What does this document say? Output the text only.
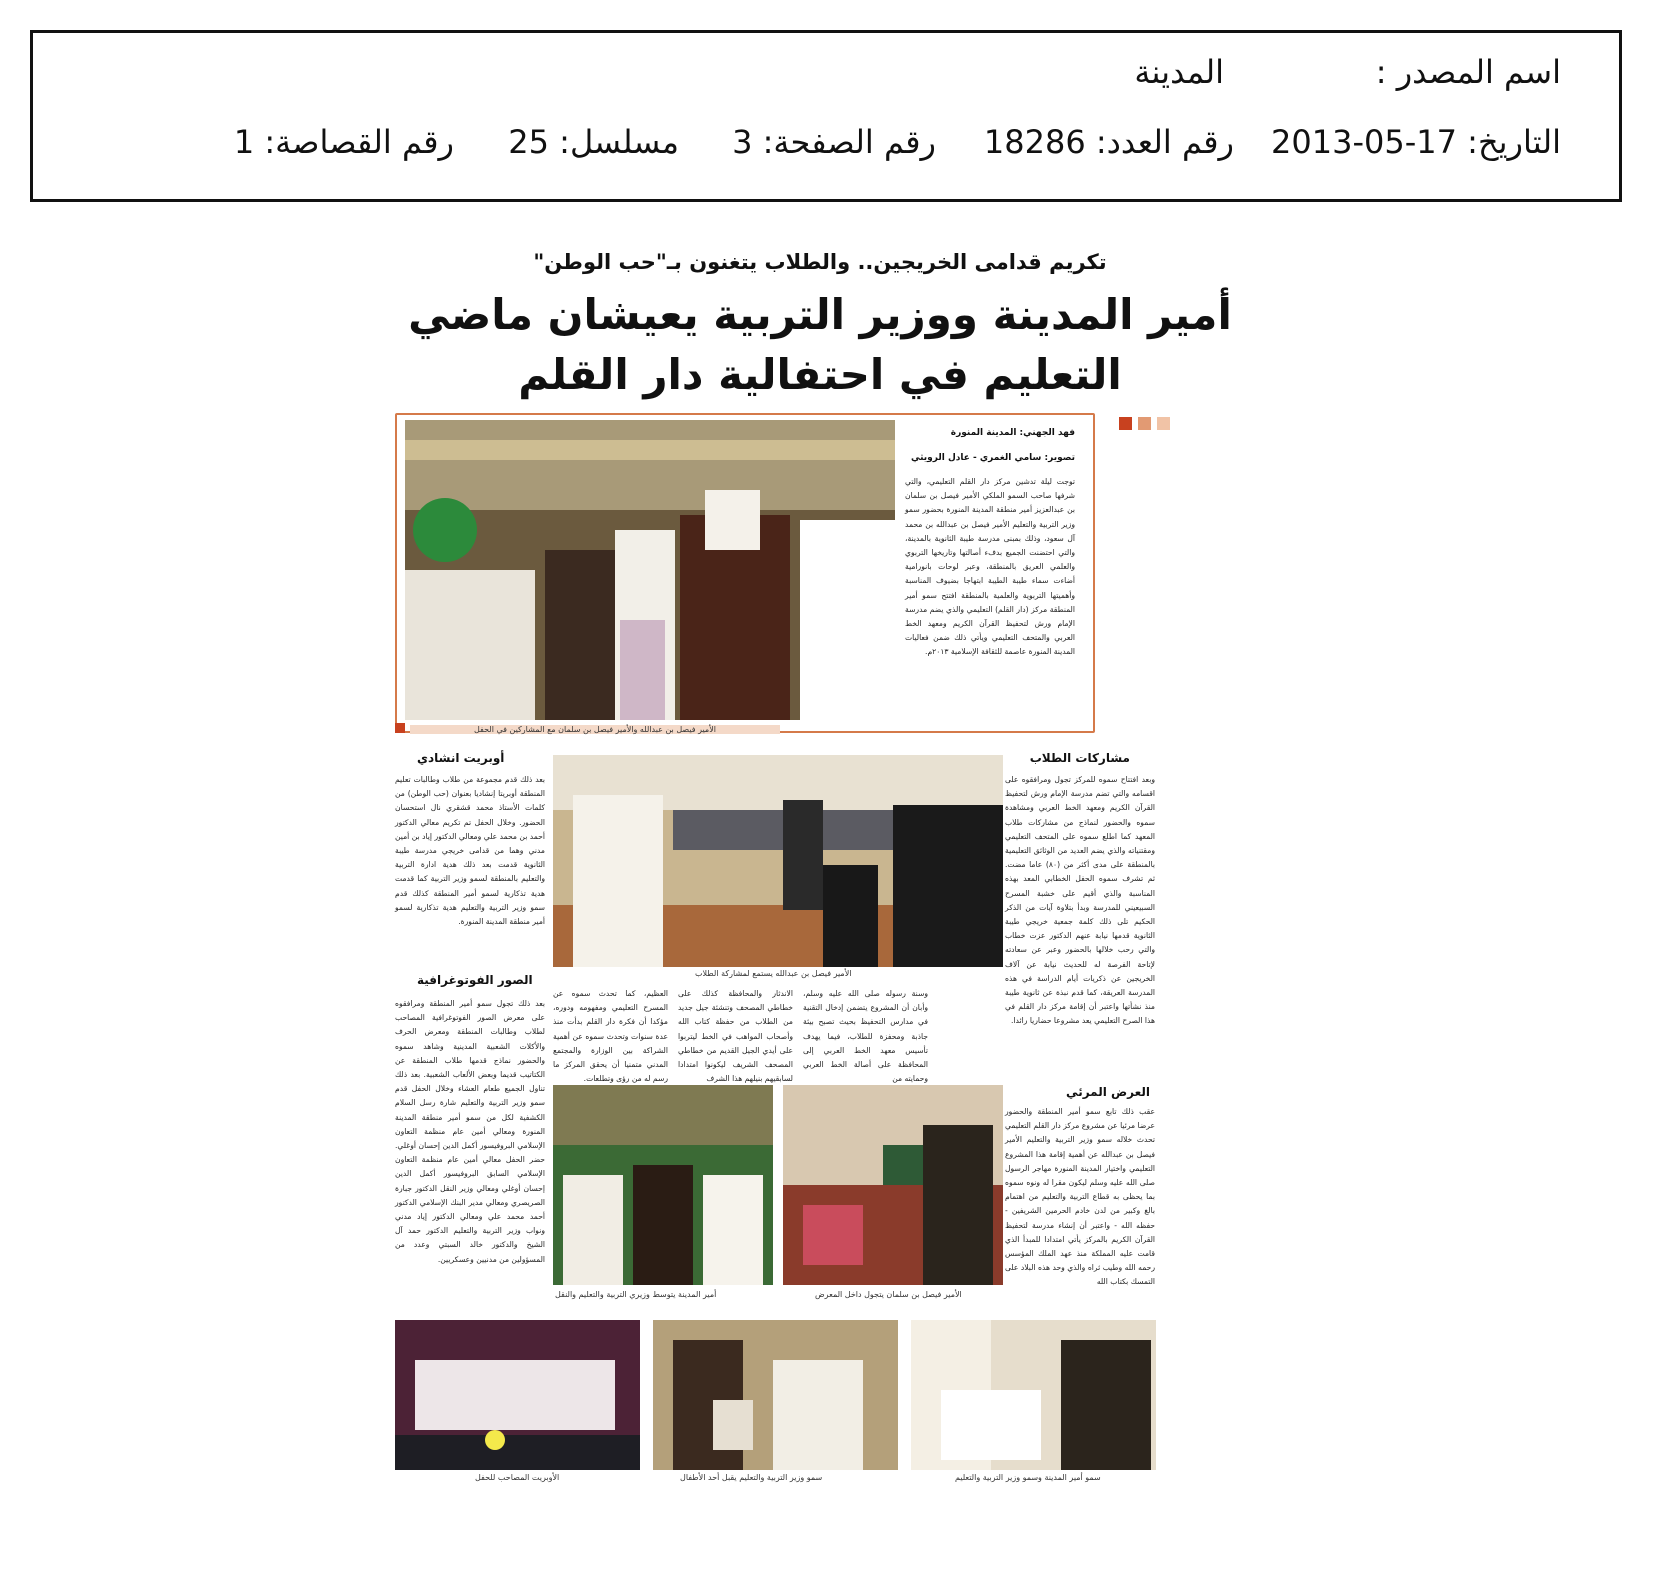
اسم المصدر :
المدينة
التاريخ: 17-05-2013
رقم العدد: 18286
رقم الصفحة: 3
مسلسل: 25
رقم القصاصة: 1
تكريم قدامى الخريجين.. والطلاب يتغنون بـ"حب الوطن"
أمير المدينة ووزير التربية يعيشان ماضي
التعليم في احتفالية دار القلم
الأمير فيصل بن عبدالله والأمير فيصل بن سلمان مع المشاركين في الحفل
فهد الجهني: المدينة المنورة
تصوير: سامي الغمري - عادل الرويثي
توجت ليلة تدشين مركز دار القلم التعليمي، والتي شرفها صاحب السمو الملكي الأمير فيصل بن سلمان بن عبدالعزيز أمير منطقة المدينة المنورة بحضور سمو وزير التربية والتعليم الأمير فيصل بن عبدالله بن محمد آل سعود، وذلك بمبنى مدرسة طيبة الثانوية بالمدينة، والتي احتضنت الجميع بدفء أصالتها وتاريخها التربوي والعلمي العريق بالمنطقة، وعبر لوحات بانورامية أضاءت سماء طيبة الطيبة ابتهاجا بضيوف المناسبة وأهميتها التربوية والعلمية بالمنطقة افتتح سمو أمير المنطقة مركز (دار القلم) التعليمي والذي يضم مدرسة الإمام ورش لتحفيظ القرآن الكريم ومعهد الخط العربي والمتحف التعليمي ويأتي ذلك ضمن فعاليات المدينة المنورة عاصمة للثقافة الإسلامية ٢٠١٣م.
مشاركات الطلاب
وبعد افتتاح سموه للمركز تجول ومرافقوه على اقسامه والتي تضم مدرسة الإمام ورش لتحفيظ القرآن الكريم ومعهد الخط العربي ومشاهدة سموه والحضور لنماذج من مشاركات طلاب المعهد كما اطلع سموه على المتحف التعليمي ومقتنياته والذي يضم العديد من الوثائق التعليمية بالمنطقة على مدى أكثر من (٨٠) عاما مضت. ثم تشرف سموه الحفل الخطابي المعد بهذه المناسبة والذي أقيم على خشبة المسرح السبيعيني للمدرسة وبدأ بتلاوة آيات من الذكر الحكيم تلى ذلك كلمة جمعية خريجي طيبة الثانوية قدمها نيابة عنهم الدكتور عزت خطاب والتي رحب خلالها بالحضور وعبر عن سعادته لإتاحة الفرصة له للحديث نيابة عن آلاف الخريجين عن ذكريات أيام الدراسة في هذه المدرسة العريقة، كما قدم نبذة عن ثانوية طيبة منذ نشأتها واعتبر أن إقامة مركز دار القلم في هذا الصرح التعليمي يعد مشروعا حضاريا رائدا.
أوبريت انشادي
بعد ذلك قدم مجموعة من طلاب وطالبات تعليم المنطقة أوبريتا إنشاديا بعنوان (حب الوطن) من كلمات الأستاذ محمد قشقري نال استحسان الحضور. وخلال الحفل تم تكريم معالي الدكتور أحمد بن محمد علي ومعالي الدكتور إياد بن أمين مدني وهما من قدامى خريجي مدرسة طيبة الثانوية قدمت بعد ذلك هدية ادارة التربية والتعليم بالمنطقة لسمو وزير التربية كما قدمت هدية تذكارية لسمو أمير المنطقة كذلك قدم سمو وزير التربية والتعليم هدية تذكارية لسمو أمير منطقة المدينة المنورة.
الصور الفوتوغرافية
بعد ذلك تجول سمو أمير المنطقة ومرافقوه على معرض الصور الفوتوغرافية المصاحب لطلاب وطالبات المنطقة ومعرض الحرف والأكلات الشعبية المدينية وشاهد سموه والحضور نماذج قدمها طلاب المنطقة عن الكتاتيب قديما وبعض الألعاب الشعبية. بعد ذلك تناول الجميع طعام العشاء وخلال الحفل قدم سمو وزير التربية والتعليم شارة رسل السلام الكشفية لكل من سمو أمير منطقة المدينة المنورة ومعالي أمين عام منظمة التعاون الإسلامي البروفيسور أكمل الدين إحسان أوغلي. حضر الحفل معالي أمين عام منظمة التعاون الإسلامي السابق البروفيسور أكمل الدين إحسان أوغلي ومعالي وزير النقل الدكتور جبارة الصريصري ومعالي مدير البنك الإسلامي الدكتور أحمد محمد علي ومعالي الدكتور إياد مدني ونواب وزير التربية والتعليم الدكتور حمد آل الشيخ والدكتور خالد السبتي وعدد من المسؤولين من مدنيين وعسكريين.
الأمير فيصل بن عبدالله يستمع لمشاركة الطلاب
العظيم، كما تحدث سموه عن المسرح التعليمي ومفهومه ودوره، مؤكدا أن فكرة دار القلم بدأت منذ عدة سنوات وتحدث سموه عن أهمية الشراكة بين الوزارة والمجتمع المدني متمنيا أن يحقق المركز ما رسم له من رؤى وتطلعات.
الاندثار والمحافظة كذلك على خطاطي المصحف وتنشئة جيل جديد من الطلاب من حفظة كتاب الله وأصحاب المواهب في الخط ليتربوا على أيدي الجيل القديم من خطاطي المصحف الشريف ليكونوا امتدادا لسابقيهم بنيلهم هذا الشرف
وسنة رسوله صلى الله عليه وسلم، وأبان أن المشروع يتضمن إدخال التقنية في مدارس التحفيظ بحيث تصبح بيئة جاذبة ومحفزة للطلاب، فيما يهدف تأسيس معهد الخط العربي إلى المحافظة على أصالة الخط العربي وحمايته من
العرض المرئي
عقب ذلك تابع سمو أمير المنطقة والحضور عرضا مرئيا عن مشروع مركز دار القلم التعليمي تحدث خلاله سمو وزير التربية والتعليم الأمير فيصل بن عبدالله عن أهمية إقامة هذا المشروع التعليمي واختيار المدينة المنورة مهاجر الرسول صلى الله عليه وسلم ليكون مقرا له ونوه سموه بما يحظى به قطاع التربية والتعليم من اهتمام بالغ وكبير من لدن خادم الحرمين الشريفين - حفظه الله - واعتبر أن إنشاء مدرسة لتحفيظ القرآن الكريم بالمركز يأتي امتدادا للمبدأ الذي قامت عليه المملكة منذ عهد الملك المؤسس رحمه الله وطيب ثراه والذي وحد هذه البلاد على التمسك بكتاب الله
أمير المدينة يتوسط وزيري التربية والتعليم والنقل	الأمير فيصل بن سلمان يتجول داخل المعرض
الأوبريت المصاحب للحفل	سمو وزير التربية والتعليم يقبل أحد الأطفال	سمو أمير المدينة وسمو وزير التربية والتعليم
